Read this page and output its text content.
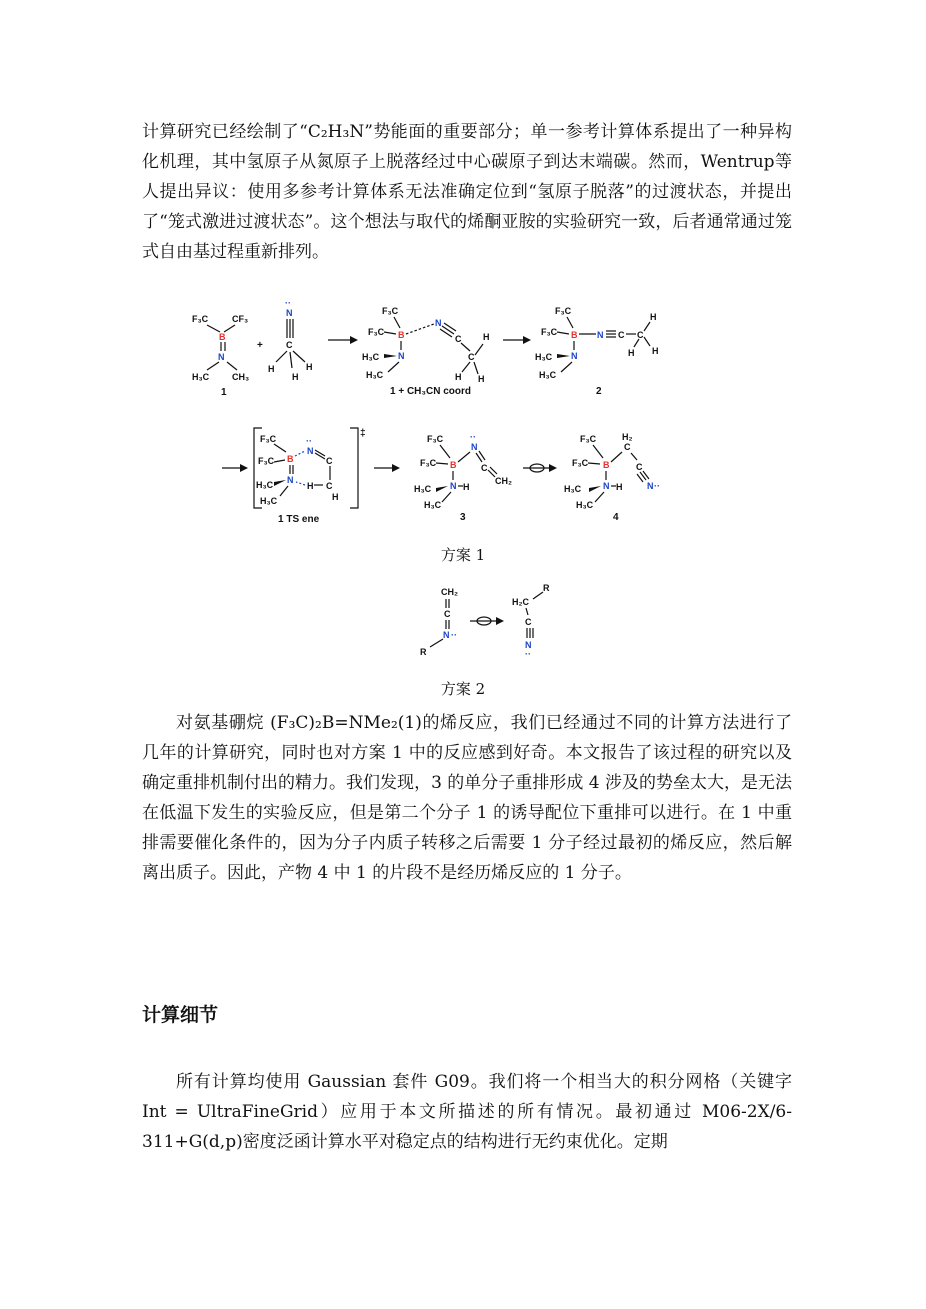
计算研究已经绘制了“C₂H₃N”势能面的重要部分；单一参考计算体系提出了一种异构化机理，其中氢原子从氮原子上脱落经过中心碳原子到达末端碳。然而，Wentrup等人提出异议：使用多参考计算体系无法准确定位到“氢原子脱落”的过渡状态，并提出了“笼式激进过渡状态”。这个想法与取代的烯酮亚胺的实验研究一致，后者通常通过笼式自由基过程重新排列。

F₃C	CF₃
B
N
H₃C	CH₃
1
+
··
N
C
H	H
H
F₃C
F₃C B
N
C H
C
H H
N
H₃C
H₃C
1 + CH₃CN coord
F₃C
F₃C B N C C
H
H
H
N
H₃C
H₃C
2
‡
F₃C
F₃C B
··
N
C
C
H
H
N
H₃C
H₃C
1 TS ene
F₃C
F₃C B
··
N
C
CH₂
N
H₃C	H
H₃C
3
F₃C
F₃C B
H₂
C
C
N ··
N
H₃C	H
H₃C
4

方案 1

CH₂
C
N ··
R
H₂C
R
C
N
··

方案 2

对氨基硼烷 (F₃C)₂B=NMe₂(1)的烯反应，我们已经通过不同的计算方法进行了几年的计算研究，同时也对方案 1 中的反应感到好奇。本文报告了该过程的研究以及确定重排机制付出的精力。我们发现，3 的单分子重排形成 4 涉及的势垒太大，是无法在低温下发生的实验反应，但是第二个分子 1 的诱导配位下重排可以进行。在 1 中重排需要催化条件的，因为分子内质子转移之后需要 1 分子经过最初的烯反应，然后解离出质子。因此，产物 4 中 1 的片段不是经历烯反应的 1 分子。

计算细节

所有计算均使用 Gaussian 套件 G09。我们将一个相当大的积分网格（关键字 Int = UltraFineGrid）应用于本文所描述的所有情况。最初通过 M06-2X/6-311+G(d,p)密度泛函计算水平对稳定点的结构进行无约束优化。定期
